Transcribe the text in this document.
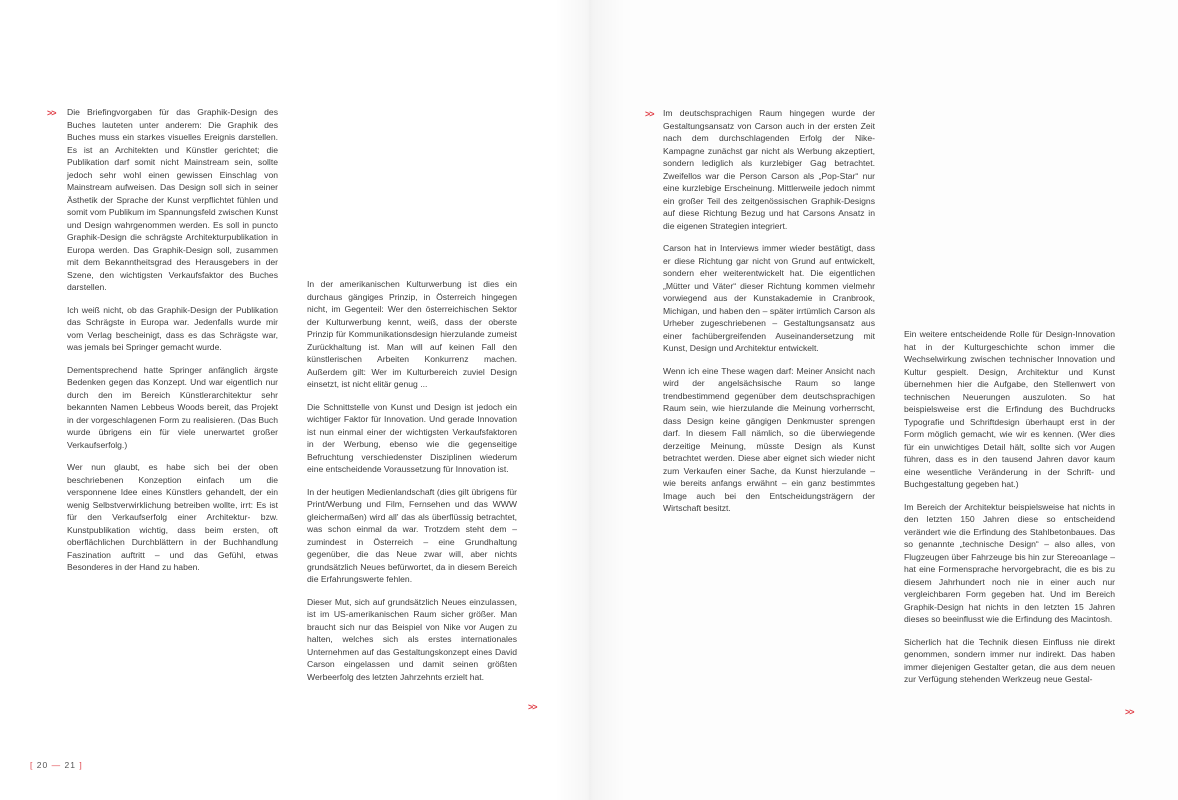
>> Die Briefingvorgaben für das Graphik-Design des Buches lauteten unter anderem: Die Graphik des Buches muss ein starkes visuelles Ereignis darstellen. Es ist an Architekten und Künstler gerichtet; die Publikation darf somit nicht Mainstream sein, sollte jedoch sehr wohl einen gewissen Einschlag von Mainstream aufweisen. Das Design soll sich in seiner Ästhetik der Sprache der Kunst verpflichtet fühlen und somit vom Publikum im Spannungsfeld zwischen Kunst und Design wahrgenommen werden. Es soll in puncto Graphik-Design die schrägste Architekturpublikation in Europa werden. Das Graphik-Design soll, zusammen mit dem Bekanntheitsgrad des Herausgebers in der Szene, den wichtigsten Verkaufsfaktor des Buches darstellen.

Ich weiß nicht, ob das Graphik-Design der Publikation das Schrägste in Europa war. Jedenfalls wurde mir vom Verlag bescheinigt, dass es das Schrägste war, was jemals bei Springer gemacht wurde.

Dementsprechend hatte Springer anfänglich ärgste Bedenken gegen das Konzept. Und war eigentlich nur durch den im Bereich Künstlerarchitektur sehr bekannten Namen Lebbeus Woods bereit, das Projekt in der vorgeschlagenen Form zu realisieren. (Das Buch wurde übrigens ein für viele unerwartet großer Verkaufserfolg.)

Wer nun glaubt, es habe sich bei der oben beschriebenen Konzeption einfach um die versponnene Idee eines Künstlers gehandelt, der ein wenig Selbstverwirklichung betreiben wollte, irrt: Es ist für den Verkaufserfolg einer Architektur- bzw. Kunstpublikation wichtig, dass beim ersten, oft oberflächlichen Durchblättern in der Buchhandlung Faszination auftritt – und das Gefühl, etwas Besonderes in der Hand zu haben.

In der amerikanischen Kulturwerbung ist dies ein durchaus gängiges Prinzip, in Österreich hingegen nicht, im Gegenteil: Wer den österreichischen Sektor der Kulturwerbung kennt, weiß, dass der oberste Prinzip für Kommunikationsdesign hierzulande zumeist Zurückhaltung ist. Man will auf keinen Fall den künstlerischen Arbeiten Konkurrenz machen. Außerdem gilt: Wer im Kulturbereich zuviel Design einsetzt, ist nicht elitär genug ...

Die Schnittstelle von Kunst und Design ist jedoch ein wichtiger Faktor für Innovation. Und gerade Innovation ist nun einmal einer der wichtigsten Verkaufsfaktoren in der Werbung, ebenso wie die gegenseitige Befruchtung verschiedenster Disziplinen wiederum eine entscheidende Voraussetzung für Innovation ist.

In der heutigen Medienlandschaft (dies gilt übrigens für Print/Werbung und Film, Fernsehen und das WWW gleichermaßen) wird all' das als überflüssig betrachtet, was schon einmal da war. Trotzdem steht dem – zumindest in Österreich – eine Grundhaltung gegenüber, die das Neue zwar will, aber nichts grundsätzlich Neues befürwortet, da in diesem Bereich die Erfahrungswerte fehlen.

Dieser Mut, sich auf grundsätzlich Neues einzulassen, ist im US-amerikanischen Raum sicher größer. Man braucht sich nur das Beispiel von Nike vor Augen zu halten, welches sich als erstes internationales Unternehmen auf das Gestaltungskonzept eines David Carson eingelassen und damit seinen größten Werbeerfolg des letzten Jahrzehnts erzielt hat.

>>
>> Im deutschsprachigen Raum hingegen wurde der Gestaltungsansatz von Carson auch in der ersten Zeit nach dem durchschlagenden Erfolg der Nike-Kampagne zunächst gar nicht als Werbung akzeptiert, sondern lediglich als kurzlebiger Gag betrachtet. Zweifellos war die Person Carson als „Pop-Star“ nur eine kurzlebige Erscheinung. Mittlerweile jedoch nimmt ein großer Teil des zeitgenössischen Graphik-Designs auf diese Richtung Bezug und hat Carsons Ansatz in die eigenen Strategien integriert.

Carson hat in Interviews immer wieder bestätigt, dass er diese Richtung gar nicht von Grund auf entwickelt, sondern eher weiterentwickelt hat. Die eigentlichen „Mütter und Väter“ dieser Richtung kommen vielmehr vorwiegend aus der Kunstakademie in Cranbrook, Michigan, und haben den – später irrtümlich Carson als Urheber zugeschriebenen – Gestaltungsansatz aus einer fachübergreifenden Auseinandersetzung mit Kunst, Design und Architektur entwickelt.

Wenn ich eine These wagen darf: Meiner Ansicht nach wird der angelsächsische Raum so lange trendbestimmend gegenüber dem deutschsprachigen Raum sein, wie hierzulande die Meinung vorherrscht, dass Design keine gängigen Denkmuster sprengen darf. In diesem Fall nämlich, so die überwiegende derzeitige Meinung, müsste Design als Kunst betrachtet werden. Diese aber eignet sich wieder nicht zum Verkaufen einer Sache, da Kunst hierzulande – wie bereits anfangs erwähnt – ein ganz bestimmtes Image auch bei den Entscheidungsträgern der Wirtschaft besitzt.

Ein weitere entscheidende Rolle für Design-Innovation hat in der Kulturgeschichte schon immer die Wechselwirkung zwischen technischer Innovation und Kultur gespielt. Design, Architektur und Kunst übernehmen hier die Aufgabe, den Stellenwert von technischen Neuerungen auszuloten. So hat beispielsweise erst die Erfindung des Buchdrucks Typografie und Schriftdesign überhaupt erst in der Form möglich gemacht, wie wir es kennen. (Wer dies für ein unwichtiges Detail hält, sollte sich vor Augen führen, dass es in den tausend Jahren davor kaum eine wesentliche Veränderung in der Schrift- und Buchgestaltung gegeben hat.)

Im Bereich der Architektur beispielsweise hat nichts in den letzten 150 Jahren diese so entscheidend verändert wie die Erfindung des Stahlbetonbaues. Das so genannte „technische Design“ – also alles, von Flugzeugen über Fahrzeuge bis hin zur Stereoanlage – hat eine Formensprache hervorgebracht, die es bis zu diesem Jahrhundert noch nie in einer auch nur vergleichbaren Form gegeben hat. Und im Bereich Graphik-Design hat nichts in den letzten 15 Jahren dieses so beeinflusst wie die Erfindung des Macintosh.

Sicherlich hat die Technik diesen Einfluss nie direkt genommen, sondern immer nur indirekt. Das haben immer diejenigen Gestalter getan, die aus dem neuen zur Verfügung stehenden Werkzeug neue Gestal-

>>
[ 20 — 21 ]
